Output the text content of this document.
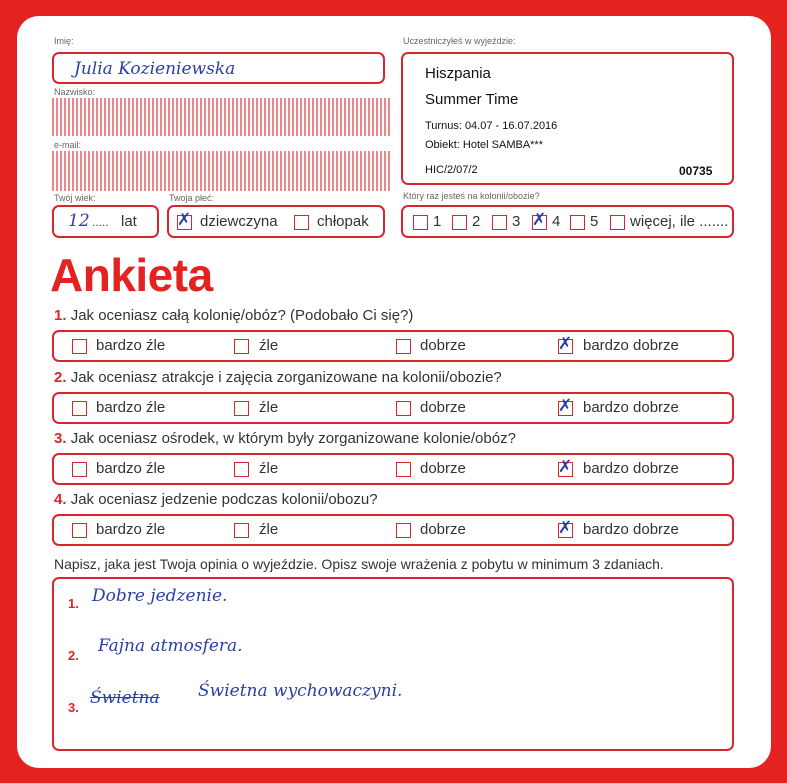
Imię:
Julia Kozieniewska
Nazwisko:
e-mail:
Twój wiek:
12 ..... lat
Twoja płeć:
✗ dziewczyna	chłopak
Uczestniczyłeś w wyjeździe:
Hiszpania
Summer Time
Turnus: 04.07 - 16.07.2016
Obiekt: Hotel SAMBA***
HIC/2/07/2	00735
Który raz jesteś na kolonii/obozie?
1 2 3 ✗ 4 5 więcej, ile .......
Ankieta
1. Jak oceniasz całą kolonię/obóz? (Podobało Ci się?)
bardzo źle	źle	dobrze	✗ bardzo dobrze
2. Jak oceniasz atrakcje i zajęcia zorganizowane na kolonii/obozie?
bardzo źle	źle	dobrze	✗ bardzo dobrze
3. Jak oceniasz ośrodek, w którym były zorganizowane kolonie/obóz?
bardzo źle	źle	dobrze	✗ bardzo dobrze
4. Jak oceniasz jedzenie podczas kolonii/obozu?
bardzo źle	źle	dobrze	✗ bardzo dobrze
Napisz, jaka jest Twoja opinia o wyjeździe. Opisz swoje wrażenia z pobytu w minimum 3 zdaniach.
1. Dobre jedzenie.
2. Fajna atmosfera.
3. Świetna Świetna wychowaczyni.
